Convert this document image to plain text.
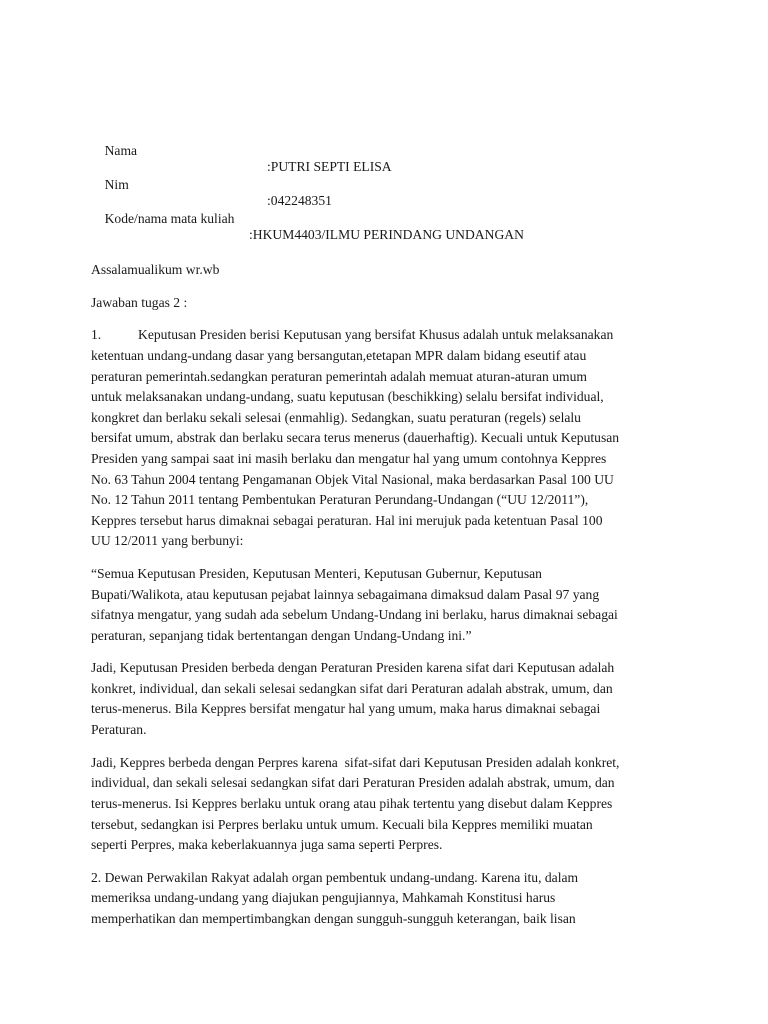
Nama

:PUTRI SEPTI ELISA

Nim

:042248351

Kode/nama mata kuliah

:HKUM4403/ILMU PERINDANG UNDANGAN

Assalamualikum wr.wb
Jawaban tugas 2 :
1.	Keputusan Presiden berisi Keputusan yang bersifat Khusus adalah untuk melaksanakan
ketentuan undang-undang dasar yang bersangutan,etetapan MPR dalam bidang eseutif atau
peraturan pemerintah.sedangkan peraturan pemerintah adalah memuat aturan-aturan umum
untuk melaksanakan undang-undang, suatu keputusan (beschikking) selalu bersifat individual,
kongkret dan berlaku sekali selesai (enmahlig). Sedangkan, suatu peraturan (regels) selalu
bersifat umum, abstrak dan berlaku secara terus menerus (dauerhaftig). Kecuali untuk Keputusan
Presiden yang sampai saat ini masih berlaku dan mengatur hal yang umum contohnya Keppres
No. 63 Tahun 2004 tentang Pengamanan Objek Vital Nasional, maka berdasarkan Pasal 100 UU
No. 12 Tahun 2011 tentang Pembentukan Peraturan Perundang-Undangan (“UU 12/2011”),
Keppres tersebut harus dimaknai sebagai peraturan. Hal ini merujuk pada ketentuan Pasal 100
UU 12/2011 yang berbunyi:
“Semua Keputusan Presiden, Keputusan Menteri, Keputusan Gubernur, Keputusan
Bupati/Walikota, atau keputusan pejabat lainnya sebagaimana dimaksud dalam Pasal 97 yang
sifatnya mengatur, yang sudah ada sebelum Undang-Undang ini berlaku, harus dimaknai sebagai
peraturan, sepanjang tidak bertentangan dengan Undang-Undang ini.”
Jadi, Keputusan Presiden berbeda dengan Peraturan Presiden karena sifat dari Keputusan adalah
konkret, individual, dan sekali selesai sedangkan sifat dari Peraturan adalah abstrak, umum, dan
terus-menerus. Bila Keppres bersifat mengatur hal yang umum, maka harus dimaknai sebagai
Peraturan.
Jadi, Keppres berbeda dengan Perpres karena  sifat-sifat dari Keputusan Presiden adalah konkret,
individual, dan sekali selesai sedangkan sifat dari Peraturan Presiden adalah abstrak, umum, dan
terus-menerus. Isi Keppres berlaku untuk orang atau pihak tertentu yang disebut dalam Keppres
tersebut, sedangkan isi Perpres berlaku untuk umum. Kecuali bila Keppres memiliki muatan
seperti Perpres, maka keberlakuannya juga sama seperti Perpres.
2. Dewan Perwakilan Rakyat adalah organ pembentuk undang-undang. Karena itu, dalam
memeriksa undang-undang yang diajukan pengujiannya, Mahkamah Konstitusi harus
memperhatikan dan mempertimbangkan dengan sungguh-sungguh keterangan, baik lisan
